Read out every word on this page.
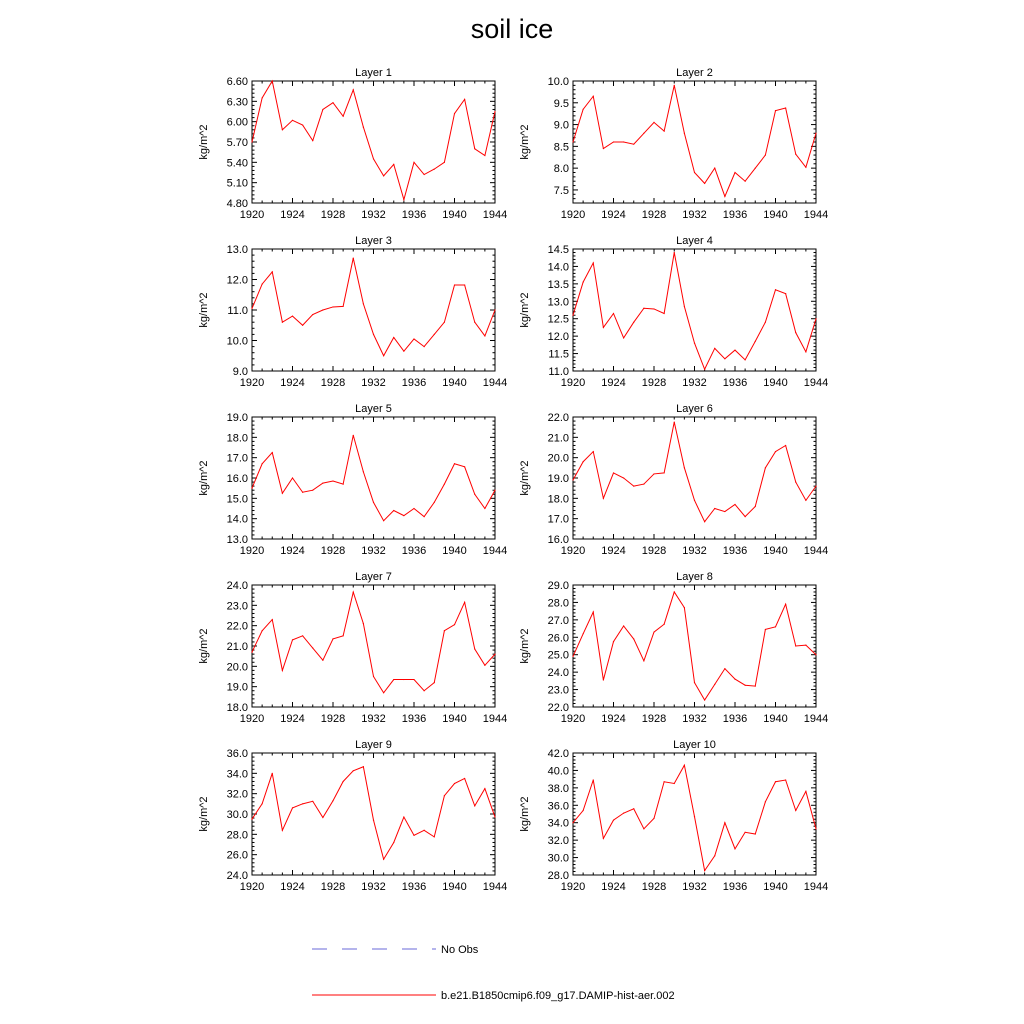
soil ice
Layer 1
kg/m^2
4.80
5.10
5.40
5.70
6.00
6.30
6.60
1920 1924 1928 1932 1936 1940 1944
Layer 2
kg/m^2
7.5
8.0
8.5
9.0
9.5
10.0
1920 1924 1928 1932 1936 1940 1944
Layer 3
kg/m^2
9.0
10.0
11.0
12.0
13.0
1920 1924 1928 1932 1936 1940 1944
Layer 4
kg/m^2
11.0
11.5
12.0
12.5
13.0
13.5
14.0
14.5
1920 1924 1928 1932 1936 1940 1944
Layer 5
kg/m^2
13.0
14.0
15.0
16.0
17.0
18.0
19.0
1920 1924 1928 1932 1936 1940 1944
Layer 6
kg/m^2
16.0
17.0
18.0
19.0
20.0
21.0
22.0
1920 1924 1928 1932 1936 1940 1944
Layer 7
kg/m^2
18.0
19.0
20.0
21.0
22.0
23.0
24.0
1920 1924 1928 1932 1936 1940 1944
Layer 8
kg/m^2
22.0
23.0
24.0
25.0
26.0
27.0
28.0
29.0
1920 1924 1928 1932 1936 1940 1944
Layer 9
kg/m^2
24.0
26.0
28.0
30.0
32.0
34.0
36.0
1920 1924 1928 1932 1936 1940 1944
Layer 10
kg/m^2
28.0
30.0
32.0
34.0
36.0
38.0
40.0
42.0
1920 1924 1928 1932 1936 1940 1944
No Obs
b.e21.B1850cmip6.f09_g17.DAMIP-hist-aer.002
